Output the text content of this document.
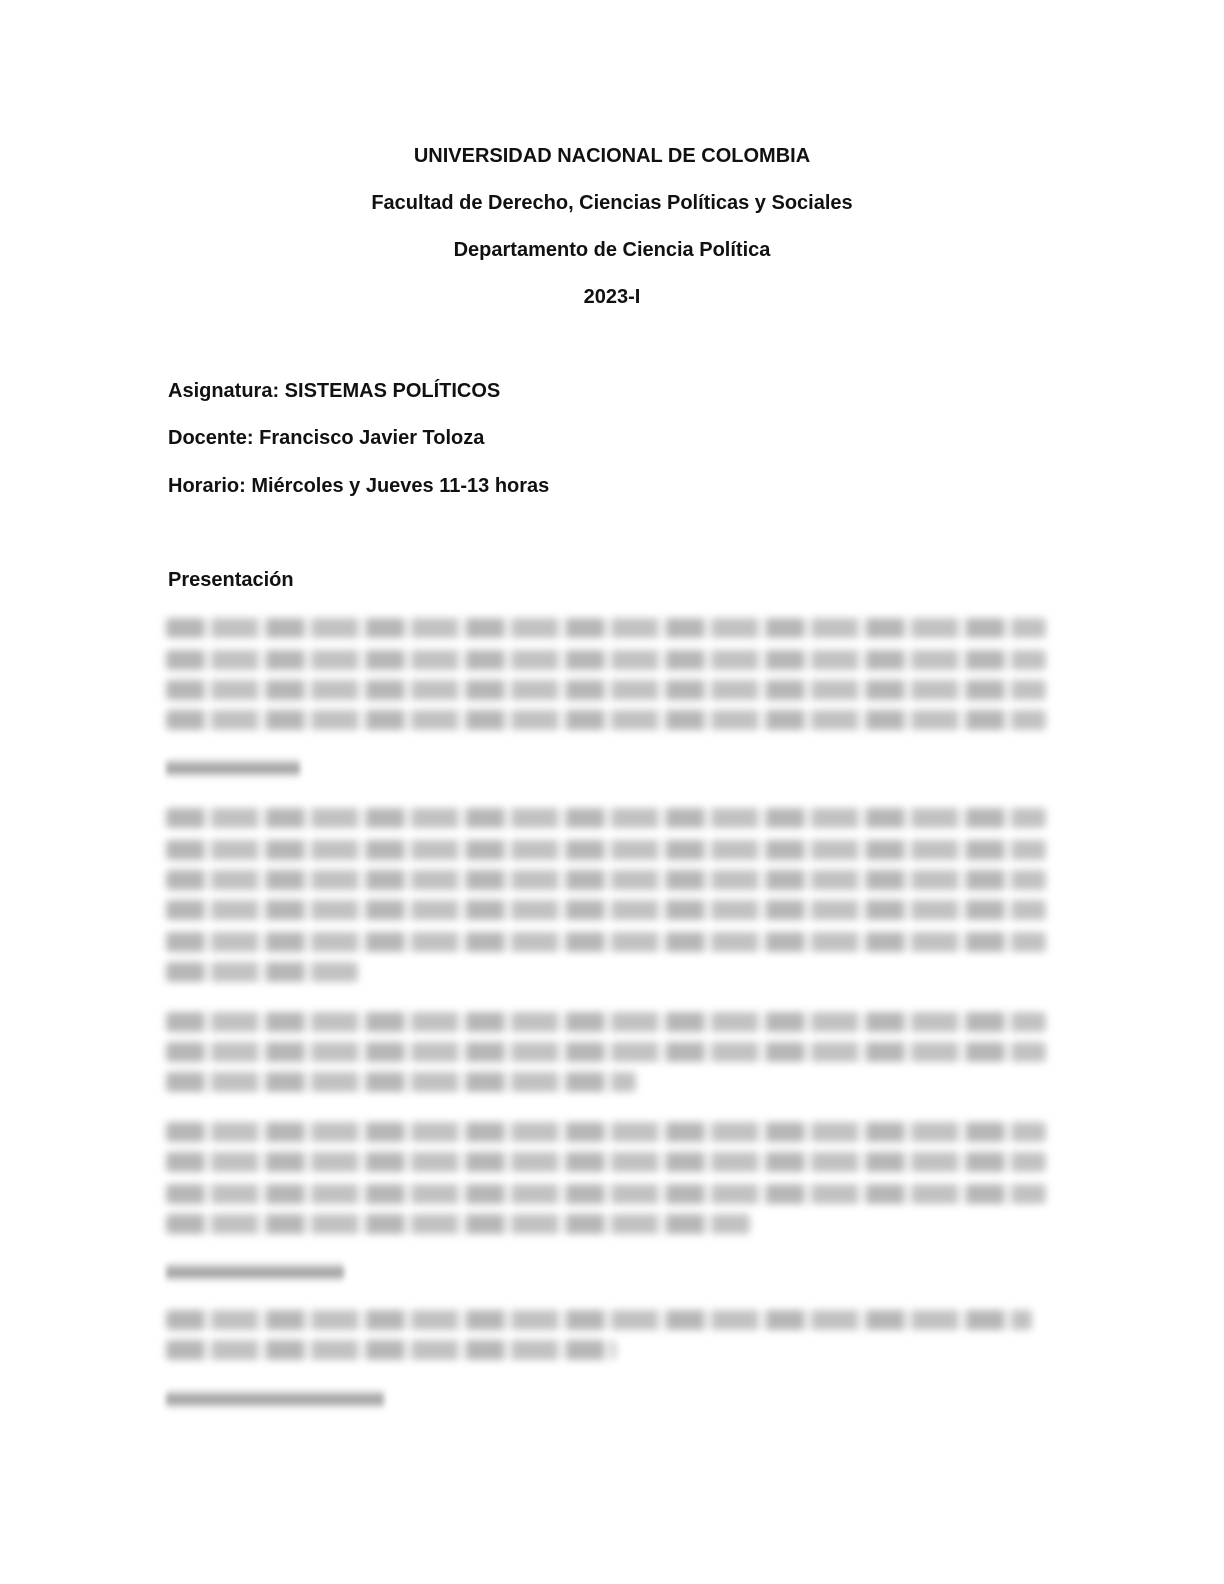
UNIVERSIDAD NACIONAL DE COLOMBIA
Facultad de Derecho, Ciencias Políticas y Sociales
Departamento de Ciencia Política
2023-I
Asignatura: SISTEMAS POLÍTICOS
Docente: Francisco Javier Toloza
Horario: Miércoles y Jueves 11-13 horas
Presentación
